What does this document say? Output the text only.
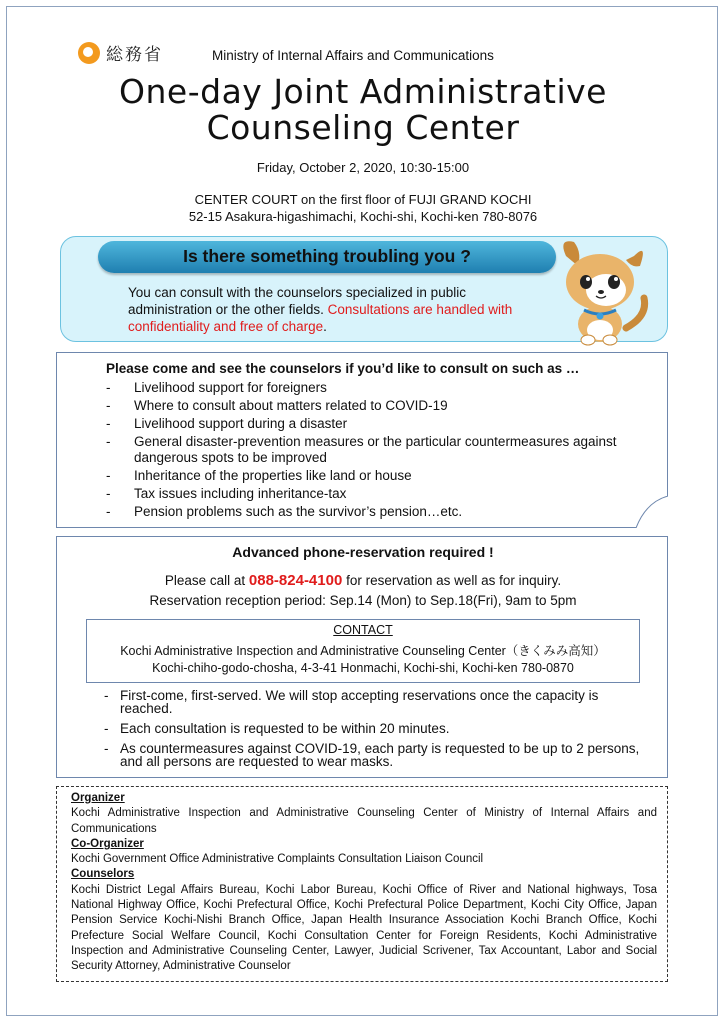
総務省	Ministry of Internal Affairs and Communications
One-day Joint Administrative
Counseling Center
Friday, October 2, 2020, 10:30-15:00
CENTER COURT on the first floor of FUJI GRAND KOCHI
52-15 Asakura-higashimachi, Kochi-shi, Kochi-ken 780-8076
Is there something troubling you ?
You can consult with the counselors specialized in public administration or the other fields. Consultations are handled with confidentiality and free of charge.
Please come and see the counselors if you’d like to consult on such as …
- Livelihood support for foreigners
- Where to consult about matters related to COVID-19
- Livelihood support during a disaster
- General disaster-prevention measures or the particular countermeasures against dangerous spots to be improved
- Inheritance of the properties like land or house
- Tax issues including inheritance-tax
- Pension problems such as the survivor’s pension…etc.
Advanced phone-reservation required !
Please call at 088-824-4100 for reservation as well as for inquiry.
Reservation reception period: Sep.14 (Mon) to Sep.18(Fri), 9am to 5pm
CONTACT
Kochi Administrative Inspection and Administrative Counseling Center（きくみみ高知）
Kochi-chiho-godo-chosha, 4-3-41 Honmachi, Kochi-shi, Kochi-ken 780-0870
- First-come, first-served. We will stop accepting reservations once the capacity is reached.
- Each consultation is requested to be within 20 minutes.
- As countermeasures against COVID-19, each party is requested to be up to 2 persons, and all persons are requested to wear masks.
Organizer
Kochi Administrative Inspection and Administrative Counseling Center of Ministry of Internal Affairs and Communications
Co-Organizer
Kochi Government Office Administrative Complaints Consultation Liaison Council
Counselors
Kochi District Legal Affairs Bureau, Kochi Labor Bureau, Kochi Office of River and National highways, Tosa National Highway Office, Kochi Prefectural Office, Kochi Prefectural Police Department, Kochi City Office, Japan Pension Service Kochi-Nishi Branch Office, Japan Health Insurance Association Kochi Branch Office, Kochi Prefecture Social Welfare Council, Kochi Consultation Center for Foreign Residents, Kochi Administrative Inspection and Administrative Counseling Center, Lawyer, Judicial Scrivener, Tax Accountant, Labor and Social Security Attorney, Administrative Counselor
